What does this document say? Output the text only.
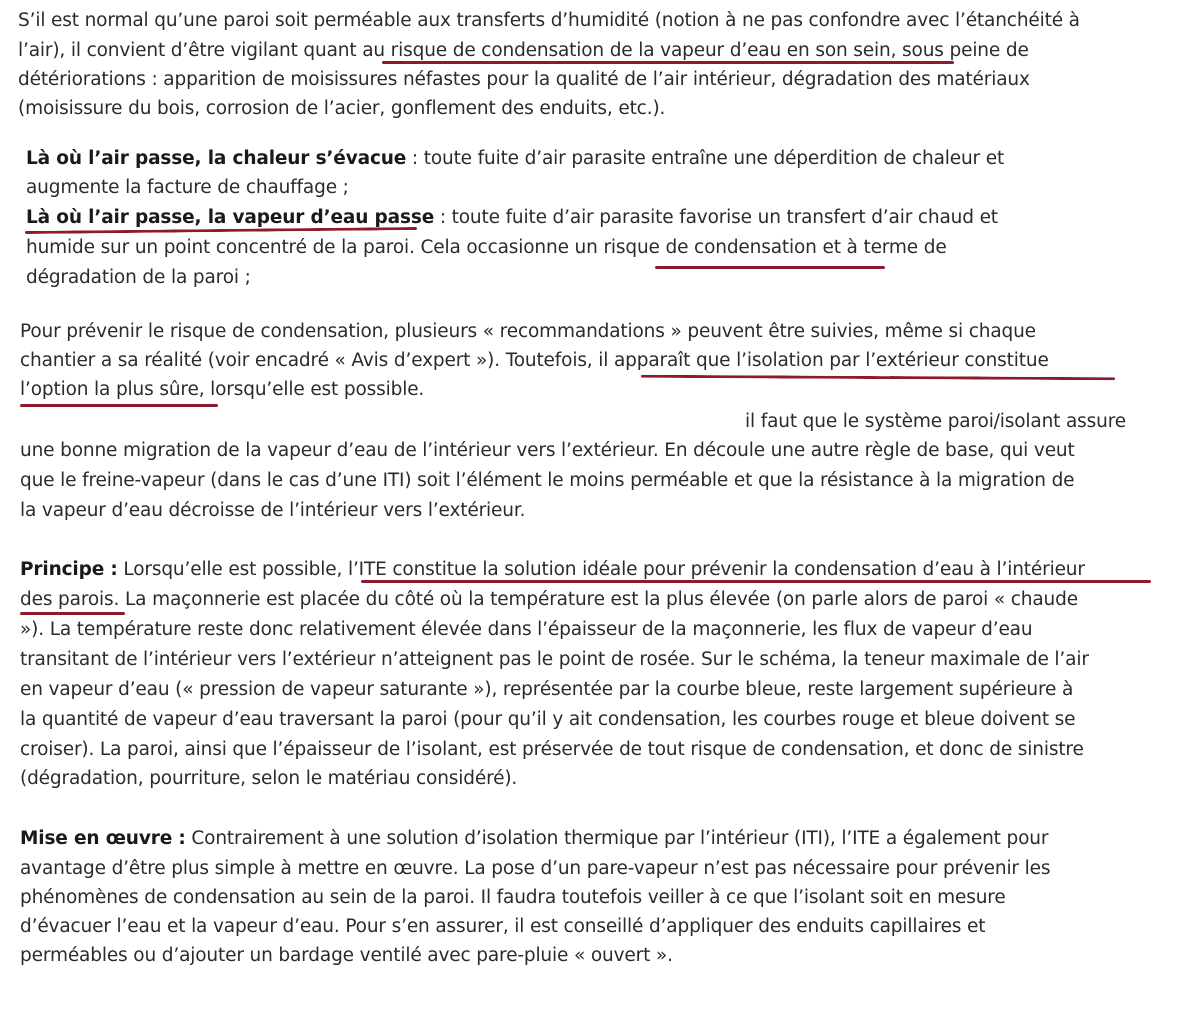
S’il est normal qu’une paroi soit perméable aux transferts d’humidité (notion à ne pas confondre avec l’étanchéité à
l’air), il convient d’être vigilant quant au risque de condensation de la vapeur d’eau en son sein, sous peine de
détériorations : apparition de moisissures néfastes pour la qualité de l’air intérieur, dégradation des matériaux
(moisissure du bois, corrosion de l’acier, gonflement des enduits, etc.).
Là où l’air passe, la chaleur s’évacue : toute fuite d’air parasite entraîne une déperdition de chaleur et
augmente la facture de chauffage ;
Là où l’air passe, la vapeur d’eau passe : toute fuite d’air parasite favorise un transfert d’air chaud et
humide sur un point concentré de la paroi. Cela occasionne un risque de condensation et à terme de
dégradation de la paroi ;
Pour prévenir le risque de condensation, plusieurs « recommandations » peuvent être suivies, même si chaque
chantier a sa réalité (voir encadré « Avis d’expert »). Toutefois, il apparaît que l’isolation par l’extérieur constitue
l’option la plus sûre, lorsqu’elle est possible.
il faut que le système paroi/isolant assure
une bonne migration de la vapeur d’eau de l’intérieur vers l’extérieur. En découle une autre règle de base, qui veut
que le freine-vapeur (dans le cas d’une ITI) soit l’élément le moins perméable et que la résistance à la migration de
la vapeur d’eau décroisse de l’intérieur vers l’extérieur.
Principe : Lorsqu’elle est possible, l’ITE constitue la solution idéale pour prévenir la condensation d’eau à l’intérieur
des parois. La maçonnerie est placée du côté où la température est la plus élevée (on parle alors de paroi « chaude
»). La température reste donc relativement élevée dans l’épaisseur de la maçonnerie, les flux de vapeur d’eau
transitant de l’intérieur vers l’extérieur n’atteignent pas le point de rosée. Sur le schéma, la teneur maximale de l’air
en vapeur d’eau (« pression de vapeur saturante »), représentée par la courbe bleue, reste largement supérieure à
la quantité de vapeur d’eau traversant la paroi (pour qu’il y ait condensation, les courbes rouge et bleue doivent se
croiser). La paroi, ainsi que l’épaisseur de l’isolant, est préservée de tout risque de condensation, et donc de sinistre
(dégradation, pourriture, selon le matériau considéré).
Mise en œuvre : Contrairement à une solution d’isolation thermique par l’intérieur (ITI), l’ITE a également pour
avantage d’être plus simple à mettre en œuvre. La pose d’un pare-vapeur n’est pas nécessaire pour prévenir les
phénomènes de condensation au sein de la paroi. Il faudra toutefois veiller à ce que l’isolant soit en mesure
d’évacuer l’eau et la vapeur d’eau. Pour s’en assurer, il est conseillé d’appliquer des enduits capillaires et
perméables ou d’ajouter un bardage ventilé avec pare-pluie « ouvert ».
